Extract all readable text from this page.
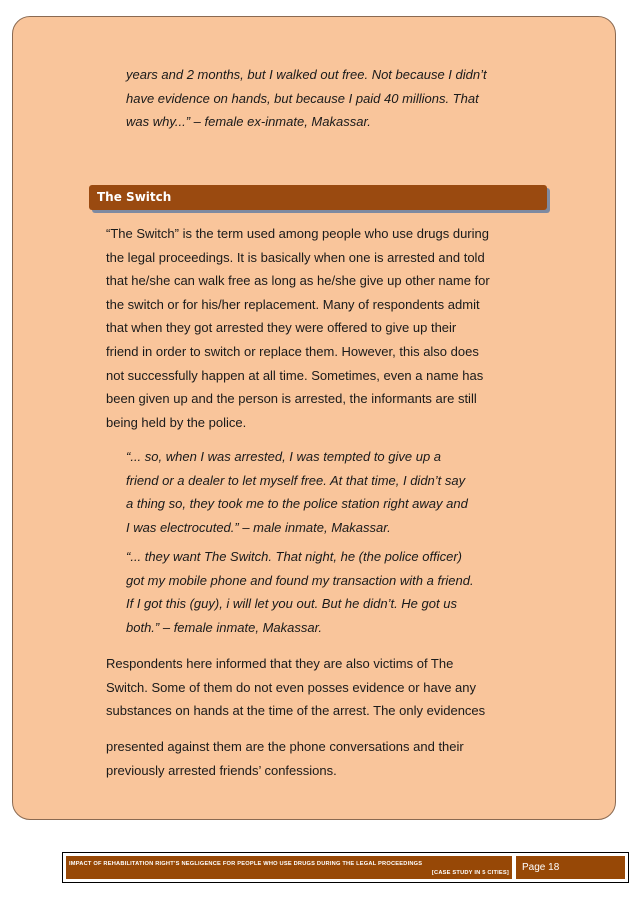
years and 2 months, but I walked out free. Not because I didn’t
have evidence on hands, but because I paid 40 millions. That
was why...” – female ex-inmate, Makassar.

The Switch

“The Switch” is the term used among people who use drugs during
the legal proceedings. It is basically when one is arrested and told
that he/she can walk free as long as he/she give up other name for
the switch or for his/her replacement. Many of respondents admit
that when they got arrested they were offered to give up their
friend in order to switch or replace them. However, this also does
not successfully happen at all time. Sometimes, even a name has
been given up and the person is arrested, the informants are still
being held by the police.

“... so, when I was arrested, I was tempted to give up a
friend or a dealer to let myself free. At that time, I didn’t say
a thing so, they took me to the police station right away and
I was electrocuted.” – male inmate, Makassar.

“... they want The Switch. That night, he (the police officer)
got my mobile phone and found my transaction with a friend.
If I got this (guy), i will let you out. But he didn’t. He got us
both.” – female inmate, Makassar.

Respondents here informed that they are also victims of The
Switch. Some of them do not even posses evidence or have any
substances on hands at the time of the arrest. The only evidences

presented against them are the phone conversations and their
previously arrested friends’ confessions.

IMPACT OF REHABILITATION RIGHT’S NEGLIGENCE FOR PEOPLE WHO USE DRUGS DURING THE LEGAL PROCEEDINGS
[CASE STUDY IN 5 CITIES] Page 18
